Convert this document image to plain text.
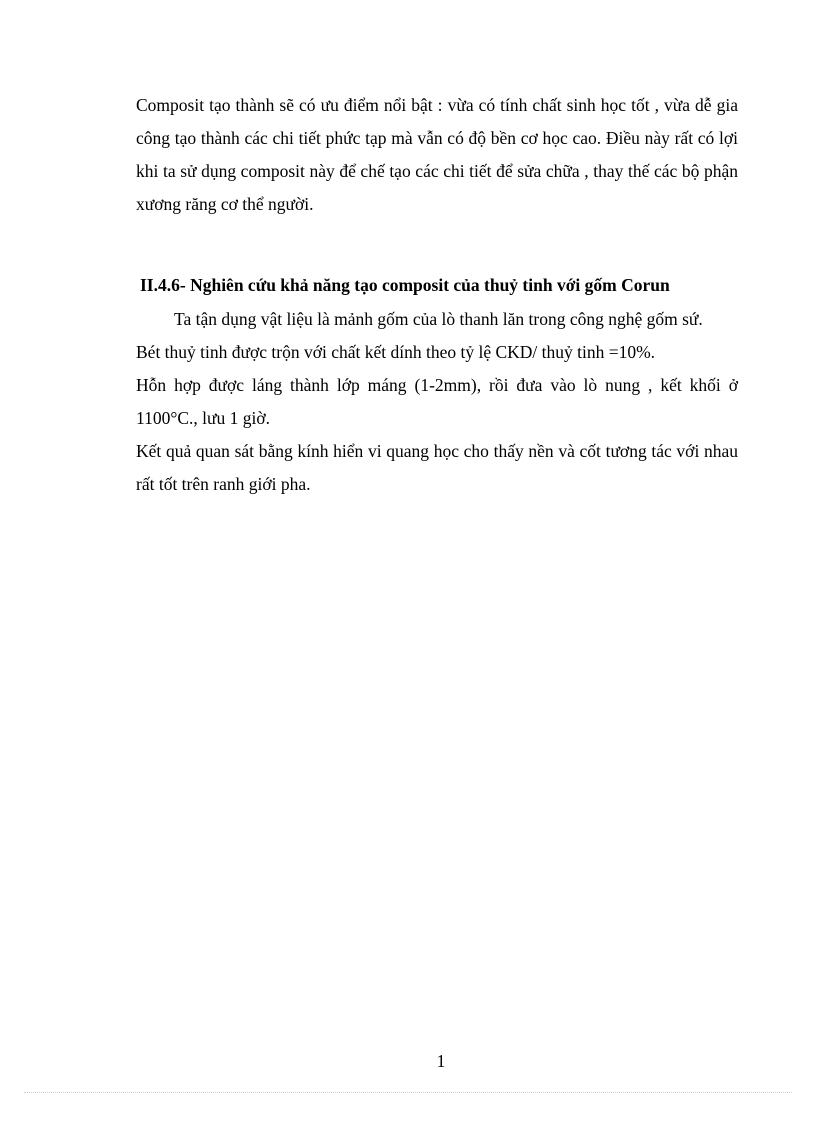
Composit tạo thành sẽ có ưu điểm nổi bật : vừa có tính chất sinh học tốt , vừa dễ gia công tạo thành các chi tiết phức tạp mà vẫn có độ bền cơ học cao. Điều này rất có lợi khi ta sử dụng composit này để chế tạo các chi tiết để sửa chữa , thay thế các bộ phận xương răng cơ thể người.

II.4.6- Nghiên cứu khả năng tạo composit của thuỷ tinh với gốm Corun

Ta tận dụng vật liệu là mảnh gốm của lò thanh lăn trong công nghệ gốm sứ.

Bét thuỷ tinh được trộn với chất kết dính theo tỷ lệ CKD/ thuỷ tinh =10%.

Hỗn hợp được láng thành lớp máng (1-2mm), rồi đưa vào lò nung , kết khối ở 1100°C., lưu 1 giờ.

Kết quả quan sát bằng kính hiển vi quang học cho thấy nền và cốt tương tác với nhau rất tốt trên ranh giới pha.

1
